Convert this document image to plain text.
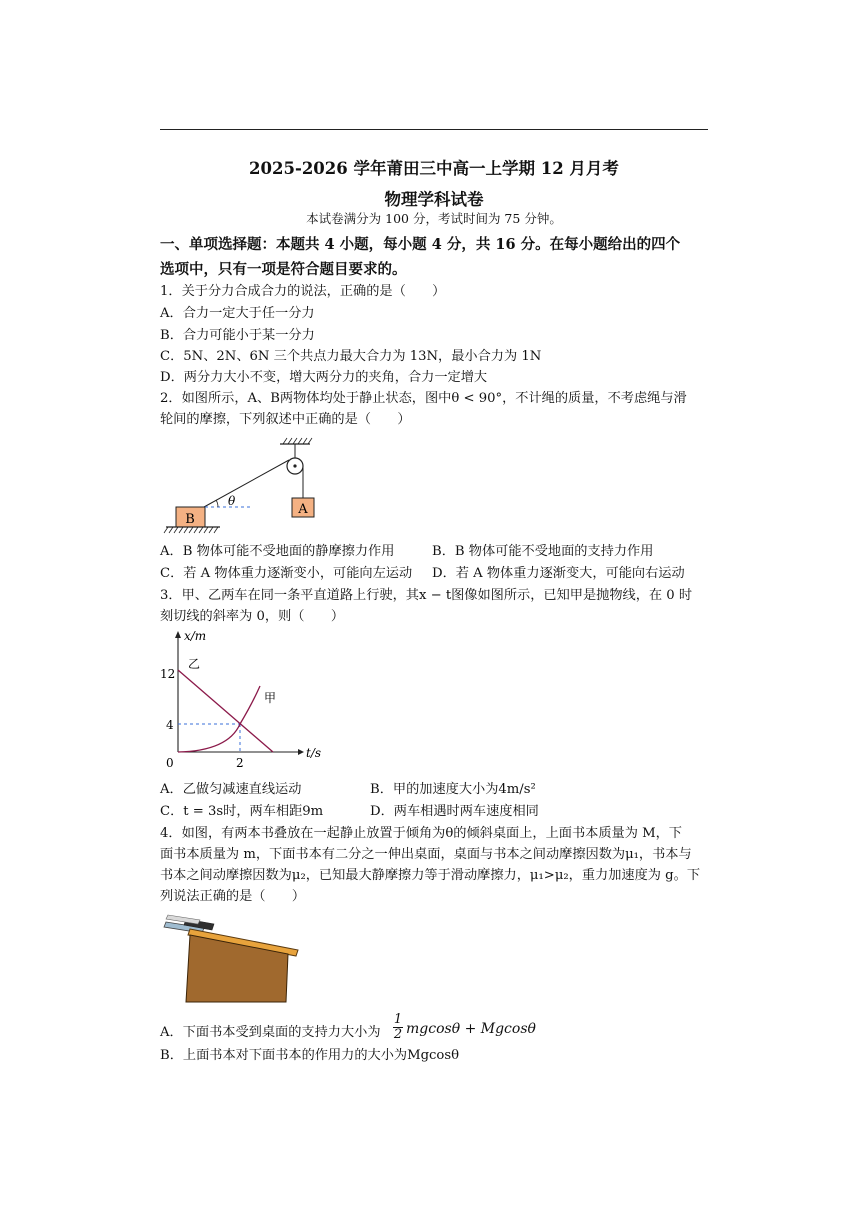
2025-2026 学年莆田三中高一上学期 12 月月考
物理学科试卷
本试卷满分为 100 分，考试时间为 75 分钟。
一、单项选择题：本题共 4 小题，每小题 4 分，共 16 分。在每小题给出的四个
选项中，只有一项是符合题目要求的。
1．关于分力合成合力的说法，正确的是（　　）
A．合力一定大于任一分力
B．合力可能小于某一分力
C．5N、2N、6N 三个共点力最大合力为 13N，最小合力为 1N
D．两分力大小不变，增大两分力的夹角，合力一定增大
2．如图所示，A、B两物体均处于静止状态，图中θ < 90°，不计绳的质量，不考虑绳与滑
轮间的摩擦，下列叙述中正确的是（　　）
A
B
θ
A．B 物体可能不受地面的静摩擦力作用	B．B 物体可能不受地面的支持力作用
C．若 A 物体重力逐渐变小，可能向左运动 D．若 A 物体重力逐渐变大，可能向右运动
3．甲、乙两车在同一条平直道路上行驶，其x − t图像如图所示，已知甲是抛物线，在 0 时
刻切线的斜率为 0，则（　　）
x/m
t/s
0
12
4
2
乙
甲
A．乙做匀减速直线运动	B．甲的加速度大小为4m/s²
C．t = 3s时，两车相距9m	D．两车相遇时两车速度相同
4．如图，有两本书叠放在一起静止放置于倾角为θ的倾斜桌面上，上面书本质量为 M，下
面书本质量为 m，下面书本有二分之一伸出桌面，桌面与书本之间动摩擦因数为μ₁，书本与
书本之间动摩擦因数为μ₂，已知最大静摩擦力等于滑动摩擦力，μ₁>μ₂，重力加速度为 g。下
列说法正确的是（　　）
A．下面书本受到桌面的支持力大小为 $\frac{1}{2}$ mgcosθ + Mgcosθ
B．上面书本对下面书本的作用力的大小为Mgcosθ
